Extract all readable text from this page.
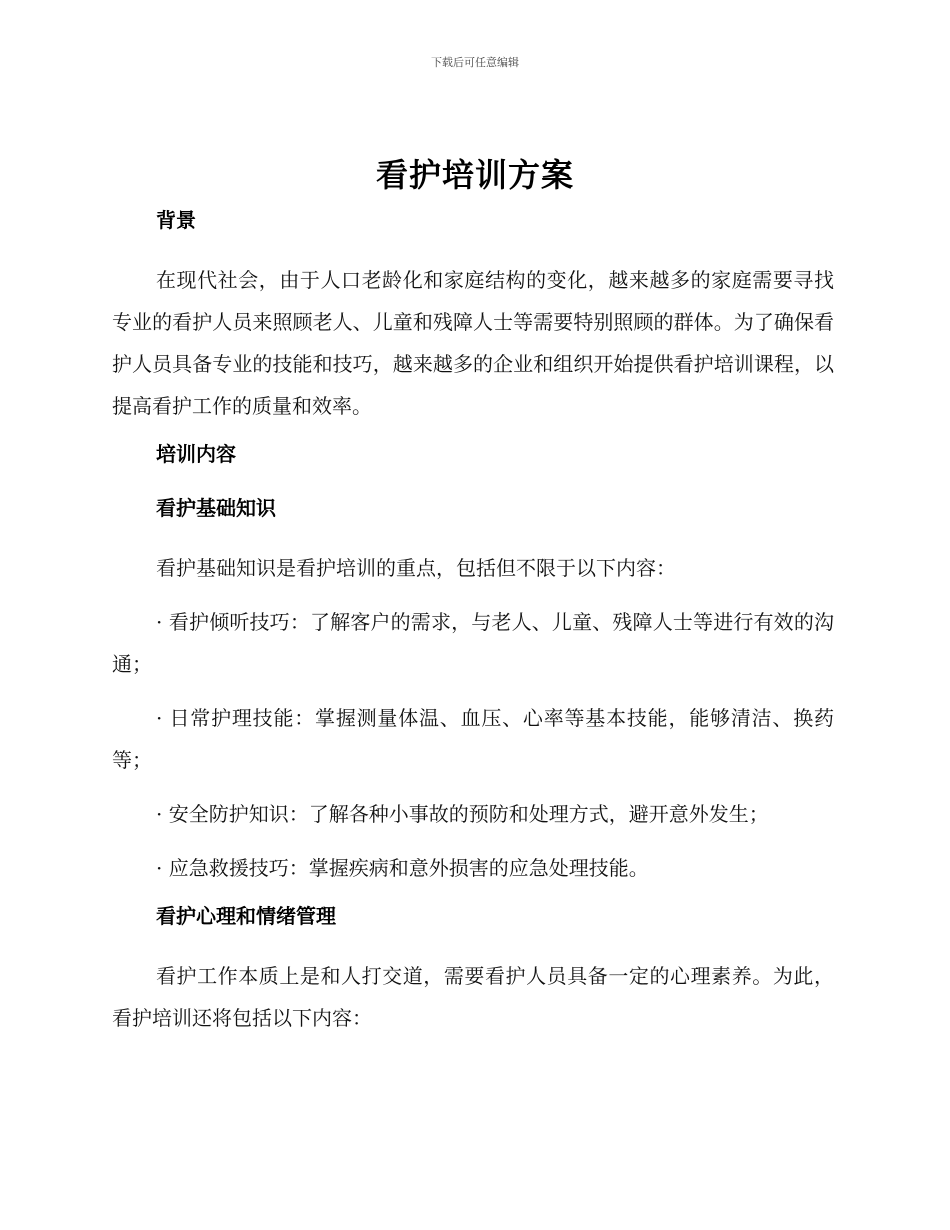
下载后可任意编辑
看护培训方案

背景

在现代社会，由于人口老龄化和家庭结构的变化，越来越多的家庭需要寻找专业的看护人员来照顾老人、儿童和残障人士等需要特别照顾的群体。为了确保看护人员具备专业的技能和技巧，越来越多的企业和组织开始提供看护培训课程，以提高看护工作的质量和效率。

培训内容

看护基础知识

看护基础知识是看护培训的重点，包括但不限于以下内容：

· 看护倾听技巧：了解客户的需求，与老人、儿童、残障人士等进行有效的沟通；

· 日常护理技能：掌握测量体温、血压、心率等基本技能，能够清洁、换药等；

· 安全防护知识：了解各种小事故的预防和处理方式，避开意外发生；

· 应急救援技巧：掌握疾病和意外损害的应急处理技能。

看护心理和情绪管理

看护工作本质上是和人打交道，需要看护人员具备一定的心理素养。为此，看护培训还将包括以下内容：
